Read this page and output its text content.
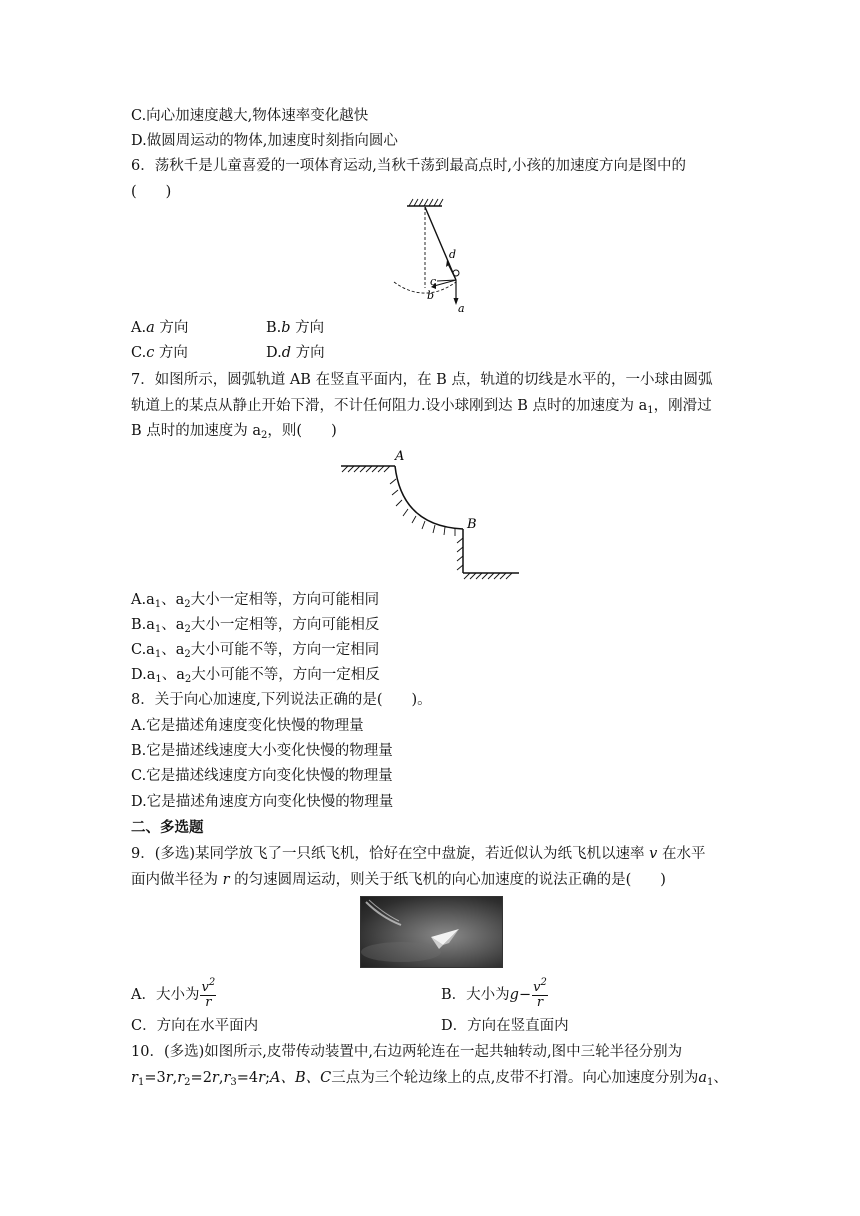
C.向心加速度越大,物体速率变化越快
D.做圆周运动的物体,加速度时刻指向圆心
6．荡秋千是儿童喜爱的一项体育运动,当秋千荡到最高点时,小孩的加速度方向是图中的
(　　)
d
c
b
a
A.a 方向	B.b 方向
C.c 方向	D.d 方向
7．如图所示，圆弧轨道 AB 在竖直平面内，在 B 点，轨道的切线是水平的，一小球由圆弧
轨道上的某点从静止开始下滑，不计任何阻力.设小球刚到达 B 点时的加速度为 $a_1$，刚滑过
B 点时的加速度为 $a_2$，则(　　)
A
B
$A.a_1$、$a_2$大小一定相等，方向可能相同
$B.a_1$、$a_2$大小一定相等，方向可能相反
$C.a_1$、$a_2$大小可能不等，方向一定相同
$D.a_1$、$a_2$大小可能不等，方向一定相反
8．关于向心加速度,下列说法正确的是(　　)。
A.它是描述角速度变化快慢的物理量
B.它是描述线速度大小变化快慢的物理量
C.它是描述线速度方向变化快慢的物理量
D.它是描述角速度方向变化快慢的物理量
二、多选题
9．(多选)某同学放飞了一只纸飞机，恰好在空中盘旋，若近似认为纸飞机以速率 v 在水平
面内做半径为 r 的匀速圆周运动，则关于纸飞机的向心加速度的说法正确的是(　　)
A．大小为 $\frac{v^2}{r}$	B．大小为$g- \frac{v^2}{r}$
C．方向在水平面内	D．方向在竖直面内
10．(多选)如图所示,皮带传动装置中,右边两轮连在一起共轴转动,图中三轮半径分别为
$r_1=3r,r_2=2r,r_3=4r;A$、B、C三点为三个轮边缘上的点,皮带不打滑。向心加速度分别为$a_1$、
